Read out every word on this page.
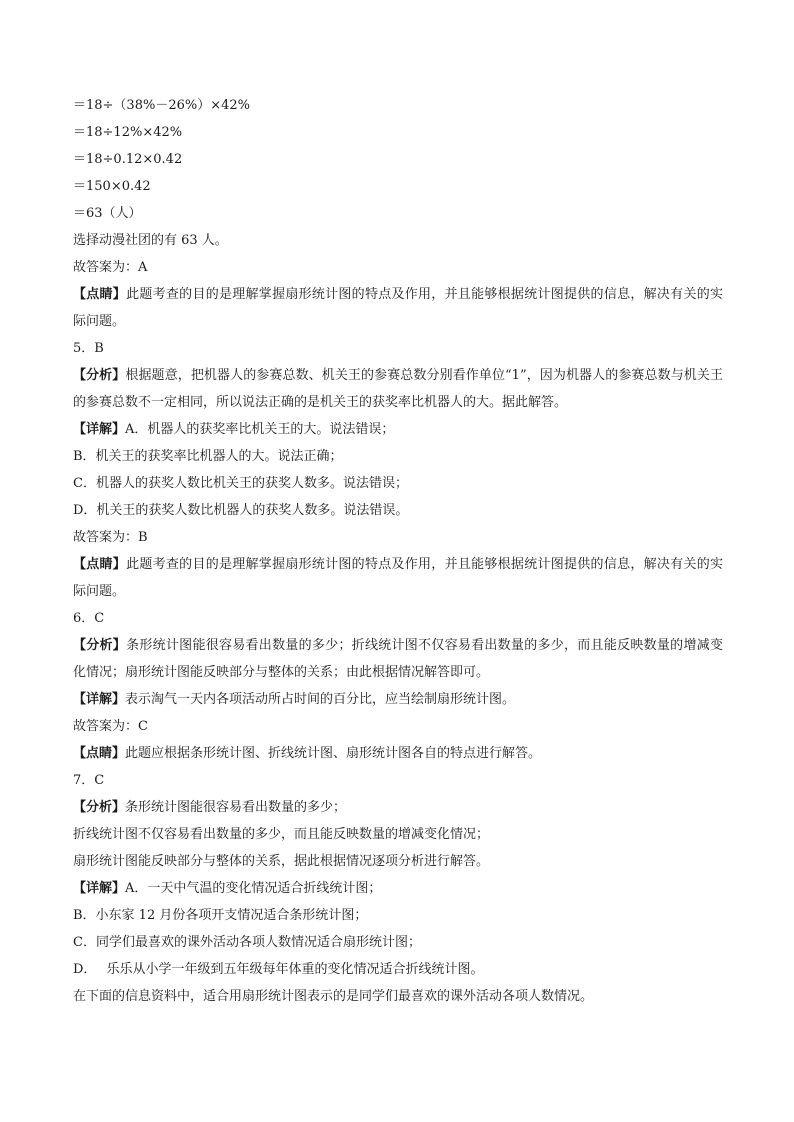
＝18÷（38%－26%）×42%
＝18÷12%×42%
＝18÷0.12×0.42
＝150×0.42
＝63（人）
选择动漫社团的有 63 人。
故答案为：A
【点睛】此题考查的目的是理解掌握扇形统计图的特点及作用，并且能够根据统计图提供的信息，解决有关的实际问题。
5．B
【分析】根据题意，把机器人的参赛总数、机关王的参赛总数分别看作单位“1”，因为机器人的参赛总数与机关王的参赛总数不一定相同，所以说法正确的是机关王的获奖率比机器人的大。据此解答。
【详解】A．机器人的获奖率比机关王的大。说法错误；
B．机关王的获奖率比机器人的大。说法正确；
C．机器人的获奖人数比机关王的获奖人数多。说法错误；
D．机关王的获奖人数比机器人的获奖人数多。说法错误。
故答案为：B
【点睛】此题考查的目的是理解掌握扇形统计图的特点及作用，并且能够根据统计图提供的信息，解决有关的实际问题。
6．C
【分析】条形统计图能很容易看出数量的多少；折线统计图不仅容易看出数量的多少，而且能反映数量的增减变化情况；扇形统计图能反映部分与整体的关系；由此根据情况解答即可。
【详解】表示淘气一天内各项活动所占时间的百分比，应当绘制扇形统计图。
故答案为：C
【点睛】此题应根据条形统计图、折线统计图、扇形统计图各自的特点进行解答。
7．C
【分析】条形统计图能很容易看出数量的多少；
折线统计图不仅容易看出数量的多少，而且能反映数量的增减变化情况；
扇形统计图能反映部分与整体的关系，据此根据情况逐项分析进行解答。
【详解】A．一天中气温的变化情况适合折线统计图；
B．小东家 12 月份各项开支情况适合条形统计图；
C．同学们最喜欢的课外活动各项人数情况适合扇形统计图；
D． 乐乐从小学一年级到五年级每年体重的变化情况适合折线统计图。
在下面的信息资料中，适合用扇形统计图表示的是同学们最喜欢的课外活动各项人数情况。
